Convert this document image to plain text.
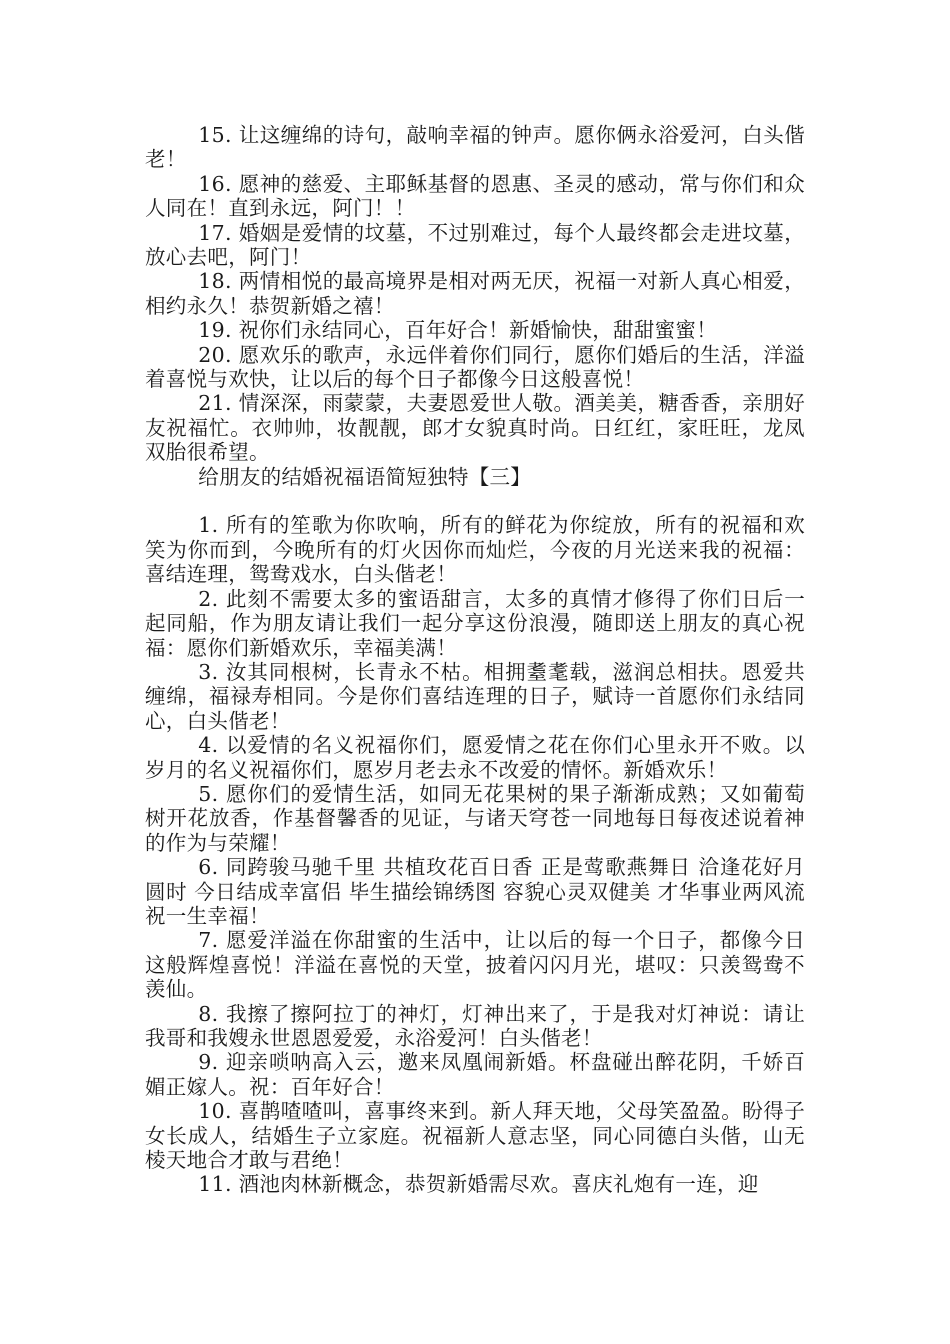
15. 让这缠绵的诗句，敲响幸福的钟声。愿你俩永浴爱河，白头偕老！

16. 愿神的慈爱、主耶稣基督的恩惠、圣灵的感动，常与你们和众人同在！直到永远，阿门！！

17. 婚姻是爱情的坟墓，不过别难过，每个人最终都会走进坟墓，放心去吧，阿门！

18. 两情相悦的最高境界是相对两无厌，祝福一对新人真心相爱，相约永久！恭贺新婚之禧！

19. 祝你们永结同心，百年好合！新婚愉快，甜甜蜜蜜！

20. 愿欢乐的歌声，永远伴着你们同行，愿你们婚后的生活，洋溢着喜悦与欢快，让以后的每个日子都像今日这般喜悦！

21. 情深深，雨蒙蒙，夫妻恩爱世人敬。酒美美，糖香香，亲朋好友祝福忙。衣帅帅，妆靓靓，郎才女貌真时尚。日红红，家旺旺，龙凤双胎很希望。

给朋友的结婚祝福语简短独特【三】

1. 所有的笙歌为你吹响，所有的鲜花为你绽放，所有的祝福和欢笑为你而到，今晚所有的灯火因你而灿烂，今夜的月光送来我的祝福：喜结连理，鸳鸯戏水，白头偕老！

2. 此刻不需要太多的蜜语甜言，太多的真情才修得了你们日后一起同船，作为朋友请让我们一起分享这份浪漫，随即送上朋友的真心祝福：愿你们新婚欢乐，幸福美满！

3. 汝其同根树，长青永不枯。相拥耋耄载，滋润总相扶。恩爱共缠绵，福禄寿相同。今是你们喜结连理的日子，赋诗一首愿你们永结同心，白头偕老！

4. 以爱情的名义祝福你们，愿爱情之花在你们心里永开不败。以岁月的名义祝福你们，愿岁月老去永不改爱的情怀。新婚欢乐！

5. 愿你们的爱情生活，如同无花果树的果子渐渐成熟；又如葡萄树开花放香，作基督馨香的见证，与诸天穹苍一同地每日每夜述说着神的作为与荣耀！

6. 同跨骏马驰千里 共植玫花百日香 正是莺歌燕舞日 洽逢花好月圆时 今日结成幸富侣 毕生描绘锦绣图 容貌心灵双健美 才华事业两风流 祝一生幸福！

7. 愿爱洋溢在你甜蜜的生活中，让以后的每一个日子，都像今日这般辉煌喜悦！洋溢在喜悦的天堂，披着闪闪月光，堪叹：只羡鸳鸯不羡仙。

8. 我擦了擦阿拉丁的神灯，灯神出来了，于是我对灯神说：请让我哥和我嫂永世恩恩爱爱，永浴爱河！白头偕老！

9. 迎亲唢呐高入云，邀来凤凰闹新婚。杯盘碰出醉花阴，千娇百媚正嫁人。祝：百年好合！

10. 喜鹊喳喳叫，喜事终来到。新人拜天地，父母笑盈盈。盼得子女长成人，结婚生子立家庭。祝福新人意志坚，同心同德白头偕，山无棱天地合才敢与君绝！

11. 酒池肉林新概念，恭贺新婚需尽欢。喜庆礼炮有一连，迎
